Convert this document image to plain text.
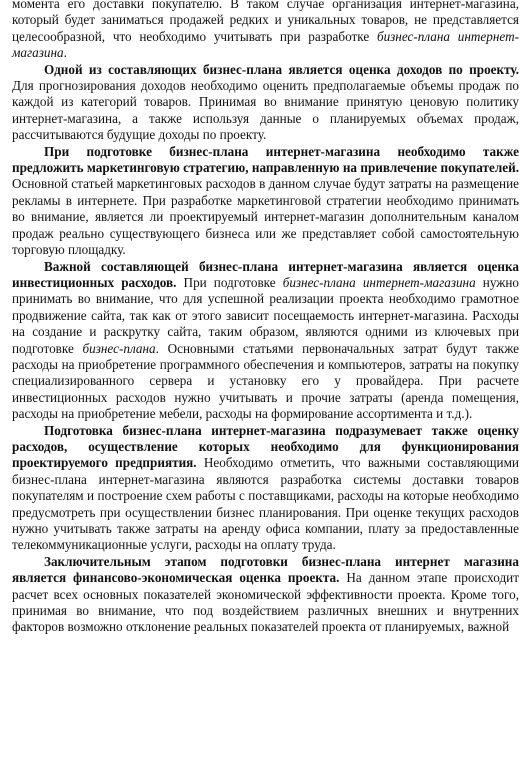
момента его доставки покупателю. В таком случае организация интернет-магазина, который будет заниматься продажей редких и уникальных товаров, не представляется целесообразной, что необходимо учитывать при разработке бизнес-плана интернет-магазина.

Одной из составляющих бизнес-плана является оценка доходов по проекту. Для прогнозирования доходов необходимо оценить предполагаемые объемы продаж по каждой из категорий товаров. Принимая во внимание принятую ценовую политику интернет-магазина, а также используя данные о планируемых объемах продаж, рассчитываются будущие доходы по проекту.

При подготовке бизнес-плана интернет-магазина необходимо также предложить маркетинговую стратегию, направленную на привлечение покупателей. Основной статьей маркетинговых расходов в данном случае будут затраты на размещение рекламы в интернете. При разработке маркетинговой стратегии необходимо принимать во внимание, является ли проектируемый интернет-магазин дополнительным каналом продаж реально существующего бизнеса или же представляет собой самостоятельную торговую площадку.

Важной составляющей бизнес-плана интернет-магазина является оценка инвестиционных расходов. При подготовке бизнес-плана интернет-магазина нужно принимать во внимание, что для успешной реализации проекта необходимо грамотное продвижение сайта, так как от этого зависит посещаемость интернет-магазина. Расходы на создание и раскрутку сайта, таким образом, являются одними из ключевых при подготовке бизнес-плана. Основными статьями первоначальных затрат будут также расходы на приобретение программного обеспечения и компьютеров, затраты на покупку специализированного сервера и установку его у провайдера. При расчете инвестиционных расходов нужно учитывать и прочие затраты (аренда помещения, расходы на приобретение мебели, расходы на формирование ассортимента и т.д.).

Подготовка бизнес-плана интернет-магазина подразумевает также оценку расходов, осуществление которых необходимо для функционирования проектируемого предприятия. Необходимо отметить, что важными составляющими бизнес-плана интернет-магазина являются разработка системы доставки товаров покупателям и построение схем работы с поставщиками, расходы на которые необходимо предусмотреть при осуществлении бизнес планирования. При оценке текущих расходов нужно учитывать также затраты на аренду офиса компании, плату за предоставленные телекоммуникационные услуги, расходы на оплату труда.

Заключительным этапом подготовки бизнес-плана интернет магазина является финансово-экономическая оценка проекта. На данном этапе происходит расчет всех основных показателей экономической эффективности проекта. Кроме того, принимая во внимание, что под воздействием различных внешних и внутренних факторов возможно отклонение реальных показателей проекта от планируемых, важной
